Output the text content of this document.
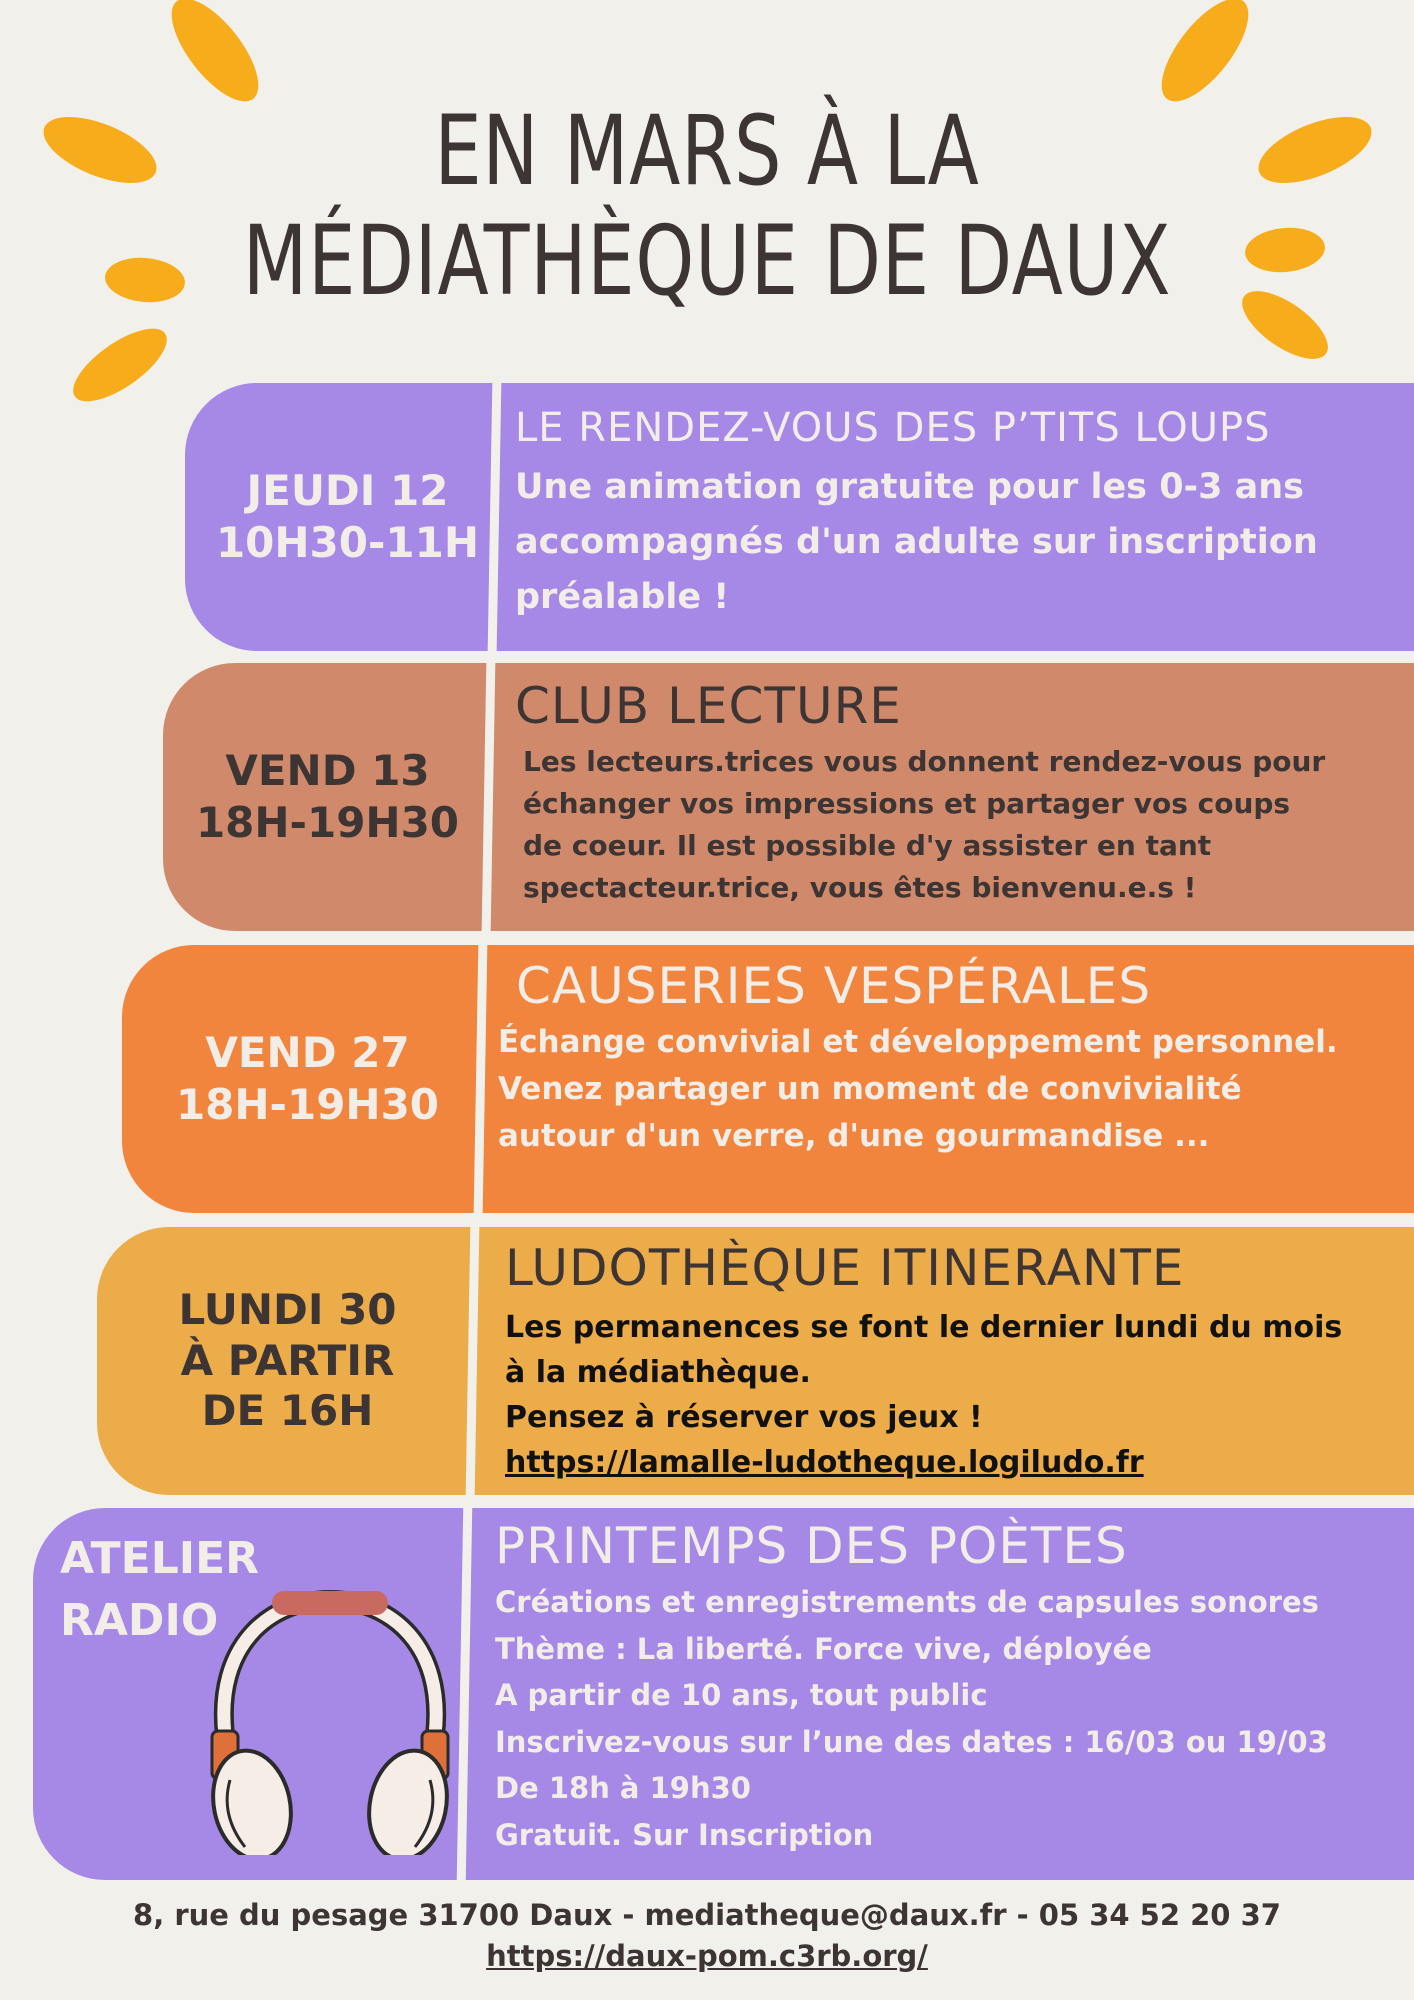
EN MARS À LA
MÉDIATHÈQUE DE DAUX
JEUDI 12
10H30-11H
LE RENDEZ-VOUS DES P’TITS LOUPS

Une animation gratuite pour les 0-3 ans
accompagnés d'un adulte sur inscription
préalable !

VEND 13
18H-19H30
CLUB LECTURE

Les lecteurs.trices vous donnent rendez-vous pour
échanger vos impressions et partager vos coups
de coeur. Il est possible d'y assister en tant
spectacteur.trice, vous êtes bienvenu.e.s !

VEND 27
18H-19H30
CAUSERIES VESPÉRALES

Échange convivial et développement personnel.
Venez partager un moment de convivialité
autour d'un verre, d'une gourmandise ...

LUNDI 30
À PARTIR
DE 16H
LUDOTHÈQUE ITINERANTE

Les permanences se font le dernier lundi du mois
à la médiathèque.
Pensez à réserver vos jeux !
https://lamalle-ludotheque.logiludo.fr

ATELIER
RADIO
PRINTEMPS DES POÈTES

Créations et enregistrements de capsules sonores
Thème : La liberté. Force vive, déployée
A partir de 10 ans, tout public
Inscrivez-vous sur l’une des dates : 16/03 ou 19/03
De 18h à 19h30
Gratuit. Sur Inscription

8, rue du pesage 31700 Daux - mediatheque@daux.fr - 05 34 52 20 37
https://daux-pom.c3rb.org/
